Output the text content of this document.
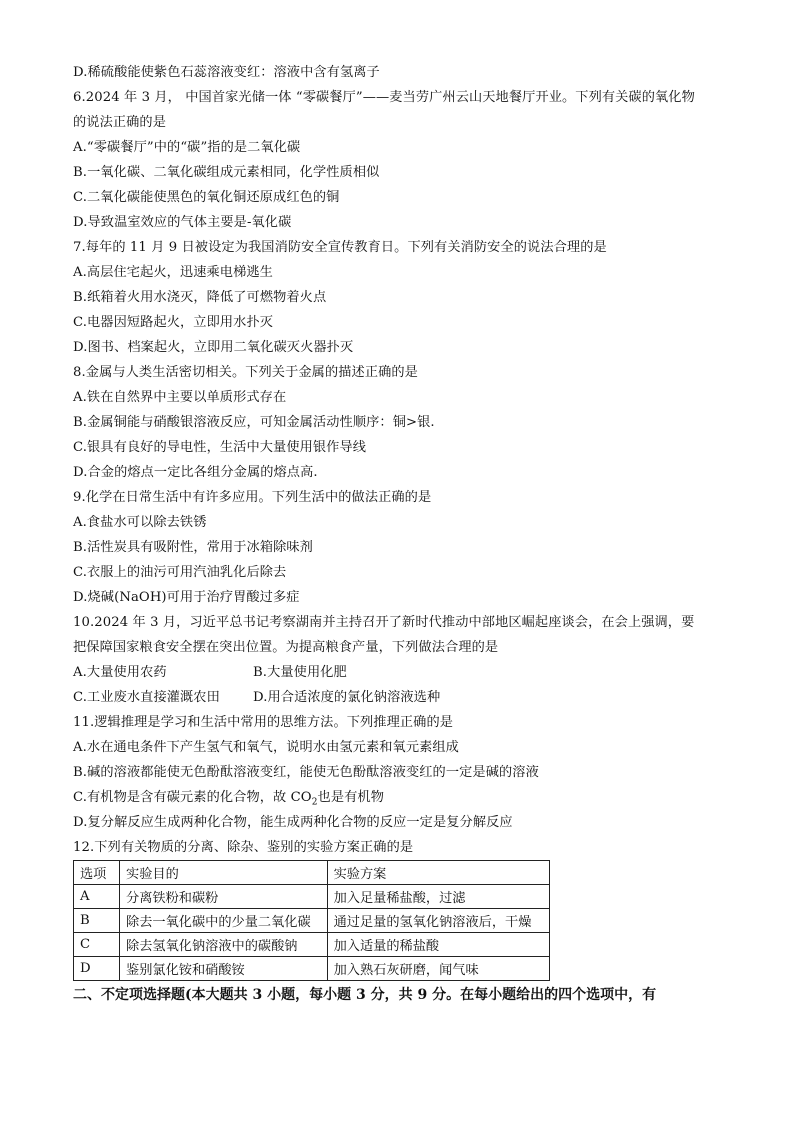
D.稀硫酸能使紫色石蕊溶液变红：溶液中含有氢离子
6.2024 年 3 月， 中国首家光储一体 “零碳餐厅”——麦当劳广州云山天地餐厅开业。下列有关碳的氧化物
的说法正确的是
A.“零碳餐厅”中的“碳”指的是二氧化碳
B.一氧化碳、二氧化碳组成元素相同，化学性质相似
C.二氧化碳能使黑色的氧化铜还原成红色的铜
D.导致温室效应的气体主要是-氧化碳
7.每年的 11 月 9 日被设定为我国消防安全宣传教育日。下列有关消防安全的说法合理的是
A.高层住宅起火，迅速乘电梯逃生
B.纸箱着火用水浇灭，降低了可燃物着火点
C.电器因短路起火，立即用水扑灭
D.图书、档案起火，立即用二氧化碳灭火器扑灭
8.金属与人类生活密切相关。下列关于金属的描述正确的是
A.铁在自然界中主要以单质形式存在
B.金属铜能与硝酸银溶液反应，可知金属活动性顺序：铜>银.
C.银具有良好的导电性，生活中大量使用银作导线
D.合金的熔点一定比各组分金属的熔点高.
9.化学在日常生活中有许多应用。下列生活中的做法正确的是
A.食盐水可以除去铁锈
B.活性炭具有吸附性，常用于冰箱除味剂
C.衣服上的油污可用汽油乳化后除去
D.烧碱(NaOH)可用于治疗胃酸过多症
10.2024 年 3 月，习近平总书记考察湖南并主持召开了新时代推动中部地区崛起座谈会，在会上强调，要
把保障国家粮食安全摆在突出位置。为提高粮食产量，下列做法合理的是
A.大量使用农药	B.大量使用化肥
C.工业废水直接灌溉农田	D.用合适浓度的氯化钠溶液选种
11.逻辑推理是学习和生活中常用的思维方法。下列推理正确的是
A.水在通电条件下产生氢气和氧气，说明水由氢元素和氧元素组成
B.碱的溶液都能使无色酚酞溶液变红，能使无色酚酞溶液变红的一定是碱的溶液
C.有机物是含有碳元素的化合物，故 $CO_2$也是有机物
D.复分解反应生成两种化合物，能生成两种化合物的反应一定是复分解反应
12.下列有关物质的分离、除杂、鉴别的实验方案正确的是
选项	实验目的	实验方案
A	分离铁粉和碳粉	加入足量稀盐酸，过滤
B	除去一氧化碳中的少量二氧化碳	通过足量的氢氧化钠溶液后，干燥
C	除去氢氧化钠溶液中的碳酸钠	加入适量的稀盐酸
D	鉴别氯化铵和硝酸铵	加入熟石灰研磨，闻气味
二、不定项选择题(本大题共 3 小题，每小题 3 分，共 9 分。在每小题给出的四个选项中，有
